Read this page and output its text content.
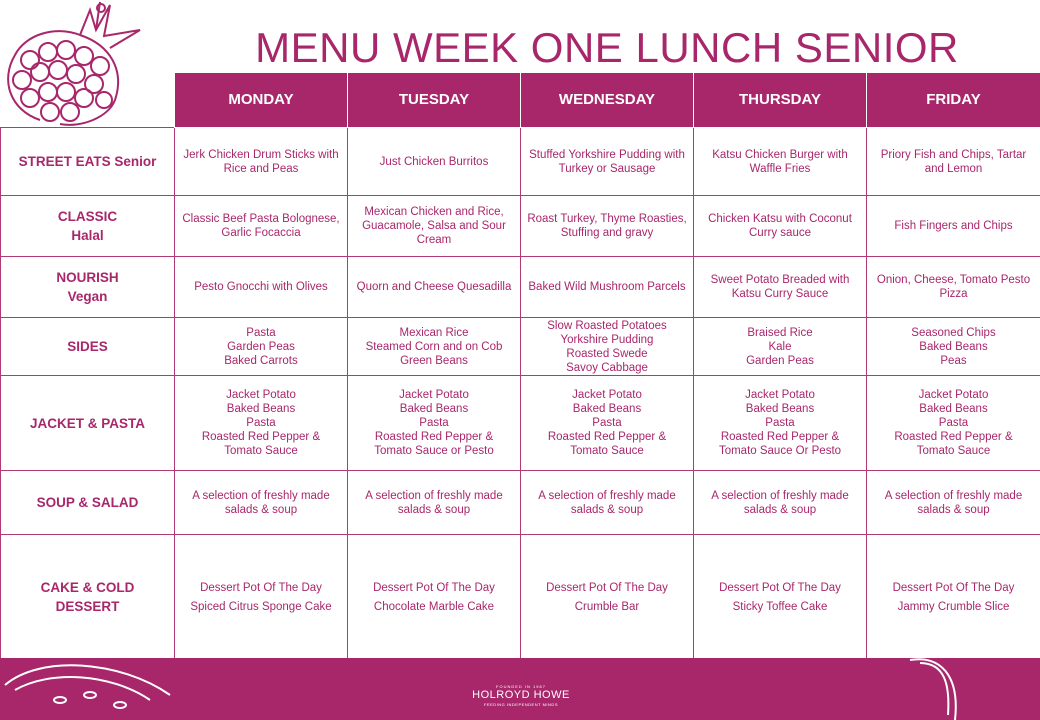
MENU WEEK ONE LUNCH SENIOR
	MONDAY	TUESDAY	WEDNESDAY	THURSDAY	FRIDAY

STREET EATS Senior	Jerk Chicken Drum Sticks with Rice and Peas	Just Chicken Burritos	Stuffed Yorkshire Pudding with Turkey or Sausage	Katsu Chicken Burger with Waffle Fries	Priory Fish and Chips, Tartar and Lemon

CLASSIC
Halal	Classic Beef Pasta Bolognese, Garlic Focaccia	Mexican Chicken and Rice, Guacamole, Salsa and Sour Cream	Roast Turkey, Thyme Roasties, Stuffing and gravy	Chicken Katsu with Coconut Curry sauce	Fish Fingers and Chips

NOURISH
Vegan	Pesto Gnocchi with Olives	Quorn and Cheese Quesadilla	Baked Wild Mushroom Parcels	Sweet Potato Breaded with Katsu Curry Sauce	Onion, Cheese, Tomato Pesto Pizza

SIDES	Pasta
Garden Peas
Baked Carrots	Mexican Rice
Steamed Corn and on Cob
Green Beans	Slow Roasted Potatoes
Yorkshire Pudding
Roasted Swede
Savoy Cabbage	Braised Rice
Kale
Garden Peas	Seasoned Chips
Baked Beans
Peas

JACKET & PASTA	Jacket Potato
Baked Beans
Pasta
Roasted Red Pepper &
Tomato Sauce	Jacket Potato
Baked Beans
Pasta
Roasted Red Pepper &
Tomato Sauce or Pesto	Jacket Potato
Baked Beans
Pasta
Roasted Red Pepper &
Tomato Sauce	Jacket Potato
Baked Beans
Pasta
Roasted Red Pepper &
Tomato Sauce Or Pesto	Jacket Potato
Baked Beans
Pasta
Roasted Red Pepper &
Tomato Sauce

SOUP & SALAD	A selection of freshly made salads & soup	A selection of freshly made salads & soup	A selection of freshly made salads & soup	A selection of freshly made salads & soup	A selection of freshly made salads & soup

CAKE & COLD DESSERT	Dessert Pot Of The Day
Spiced Citrus Sponge Cake	Dessert Pot Of The Day
Chocolate Marble Cake	Dessert Pot Of The Day
Crumble Bar	Dessert Pot Of The Day
Sticky Toffee Cake	Dessert Pot Of The Day
Jammy Crumble Slice
FOUNDED IN 1987
HOLROYD HOWE
FEEDING INDEPENDENT MINDS
